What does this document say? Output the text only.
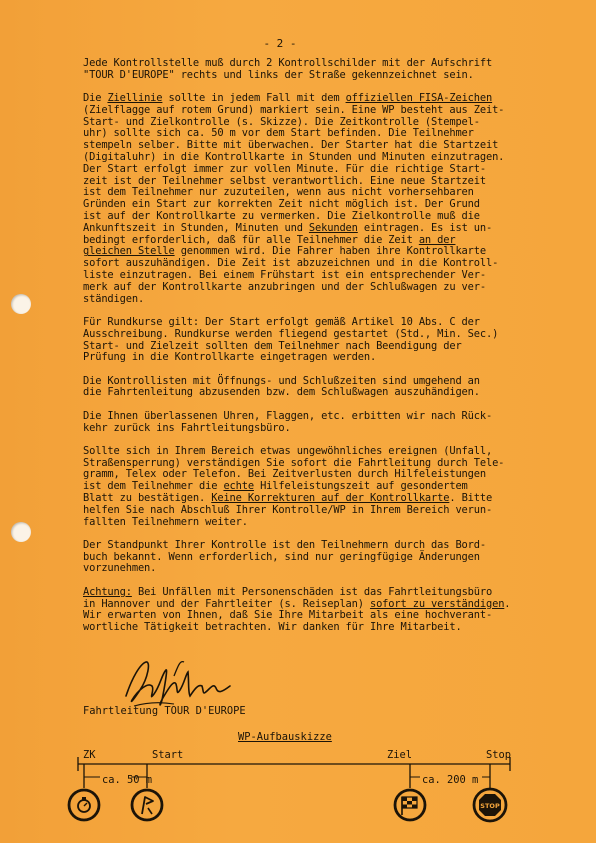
- 2 -

Jede Kontrollstelle muß durch 2 Kontrollschilder mit der Aufschrift
"TOUR D'EUROPE" rechts und links der Straße gekennzeichnet sein.

Die Ziellinie sollte in jedem Fall mit dem offiziellen FISA-Zeichen
(Zielflagge auf rotem Grund) markiert sein. Eine WP besteht aus Zeit-
Start- und Zielkontrolle (s. Skizze). Die Zeitkontrolle (Stempel-
uhr) sollte sich ca. 50 m vor dem Start befinden. Die Teilnehmer
stempeln selber. Bitte mit überwachen. Der Starter hat die Startzeit
(Digitaluhr) in die Kontrollkarte in Stunden und Minuten einzutragen.
Der Start erfolgt immer zur vollen Minute. Für die richtige Start-
zeit ist der Teilnehmer selbst verantwortlich. Eine neue Startzeit
ist dem Teilnehmer nur zuzuteilen, wenn aus nicht vorhersehbaren
Gründen ein Start zur korrekten Zeit nicht möglich ist. Der Grund
ist auf der Kontrollkarte zu vermerken. Die Zielkontrolle muß die
Ankunftszeit in Stunden, Minuten und Sekunden eintragen. Es ist un-
bedingt erforderlich, daß für alle Teilnehmer die Zeit an der
gleichen Stelle genommen wird. Die Fahrer haben ihre Kontrollkarte
sofort auszuhändigen. Die Zeit ist abzuzeichnen und in die Kontroll-
liste einzutragen. Bei einem Frühstart ist ein entsprechender Ver-
merk auf der Kontrollkarte anzubringen und der Schlußwagen zu ver-
ständigen.

Für Rundkurse gilt: Der Start erfolgt gemäß Artikel 10 Abs. C der
Ausschreibung. Rundkurse werden fliegend gestartet (Std., Min. Sec.)
Start- und Zielzeit sollten dem Teilnehmer nach Beendigung der
Prüfung in die Kontrollkarte eingetragen werden.

Die Kontrollisten mit Öffnungs- und Schlußzeiten sind umgehend an
die Fahrtenleitung abzusenden bzw. dem Schlußwagen auszuhändigen.

Die Ihnen überlassenen Uhren, Flaggen, etc. erbitten wir nach Rück-
kehr zurück ins Fahrtleitungsbüro.

Sollte sich in Ihrem Bereich etwas ungewöhnliches ereignen (Unfall,
Straßensperrung) verständigen Sie sofort die Fahrtleitung durch Tele-
gramm, Telex oder Telefon. Bei Zeitverlusten durch Hilfeleistungen
ist dem Teilnehmer die echte Hilfeleistungszeit auf gesondertem
Blatt zu bestätigen. Keine Korrekturen auf der Kontrollkarte. Bitte
helfen Sie nach Abschluß Ihrer Kontrolle/WP in Ihrem Bereich verun-
fallten Teilnehmern weiter.

Der Standpunkt Ihrer Kontrolle ist den Teilnehmern durch das Bord-
buch bekannt. Wenn erforderlich, sind nur geringfügige Änderungen
vorzunehmen.

Achtung: Bei Unfällen mit Personenschäden ist das Fahrtleitungsbüro
in Hannover und der Fahrtleiter (s. Reiseplan) sofort zu verständigen.
Wir erwarten von Ihnen, daß Sie Ihre Mitarbeit als eine hochverant-
wortliche Tätigkeit betrachten. Wir danken für Ihre Mitarbeit.

Fahrtleitung TOUR D'EUROPE
WP-Aufbauskizze
ZK	Start	Ziel	Stop
ca. 50 m	ca. 200 m
STOP
